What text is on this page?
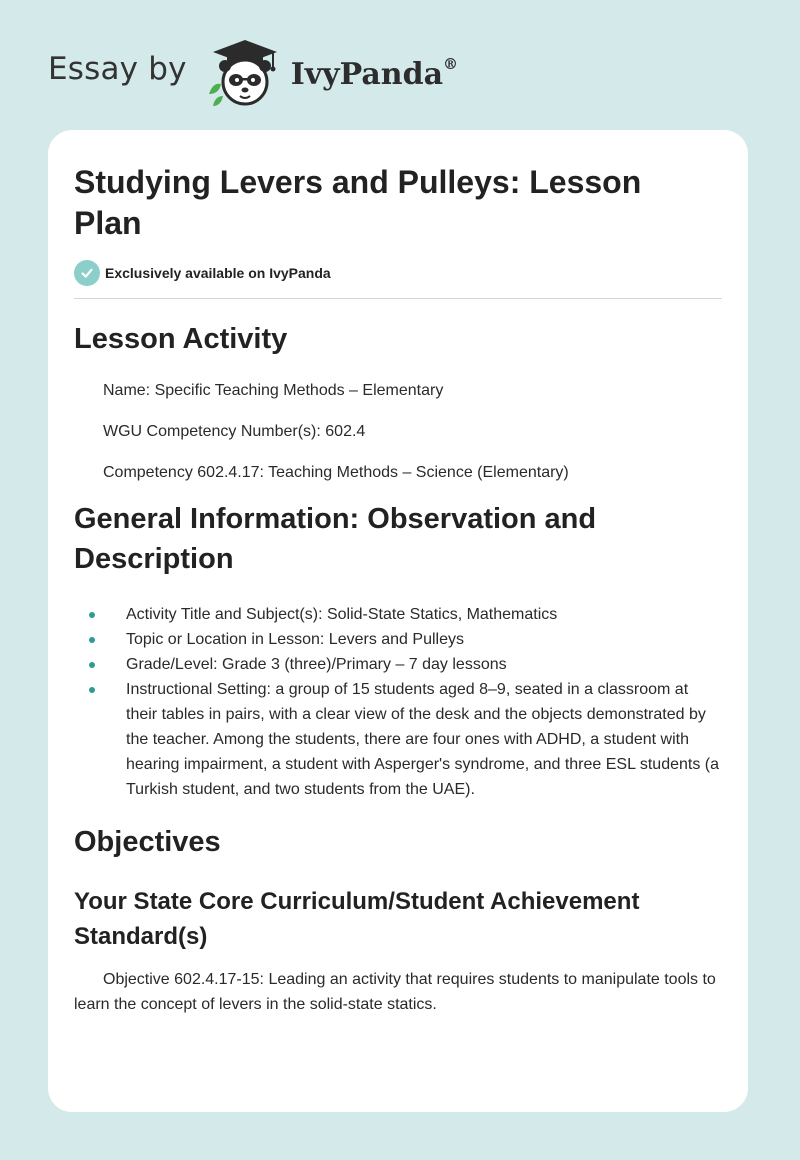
Essay by	IvyPanda®
Studying Levers and Pulleys: Lesson Plan
Exclusively available on IvyPanda
Lesson Activity

Name: Specific Teaching Methods – Elementary

WGU Competency Number(s): 602.4

Competency 602.4.17: Teaching Methods – Science (Elementary)

General Information: Observation and Description
Activity Title and Subject(s): Solid-State Statics, Mathematics
Topic or Location in Lesson: Levers and Pulleys
Grade/Level: Grade 3 (three)/Primary – 7 day lessons
Instructional Setting: a group of 15 students aged 8–9, seated in a classroom at their tables in pairs, with a clear view of the desk and the objects demonstrated by the teacher. Among the students, there are four ones with ADHD, a student with hearing impairment, a student with Asperger's syndrome, and three ESL students (a Turkish student, and two students from the UAE).
Objectives
Your State Core Curriculum/Student Achievement Standard(s)

Objective 602.4.17-15: Leading an activity that requires students to manipulate tools to learn the concept of levers in the solid-state statics.
